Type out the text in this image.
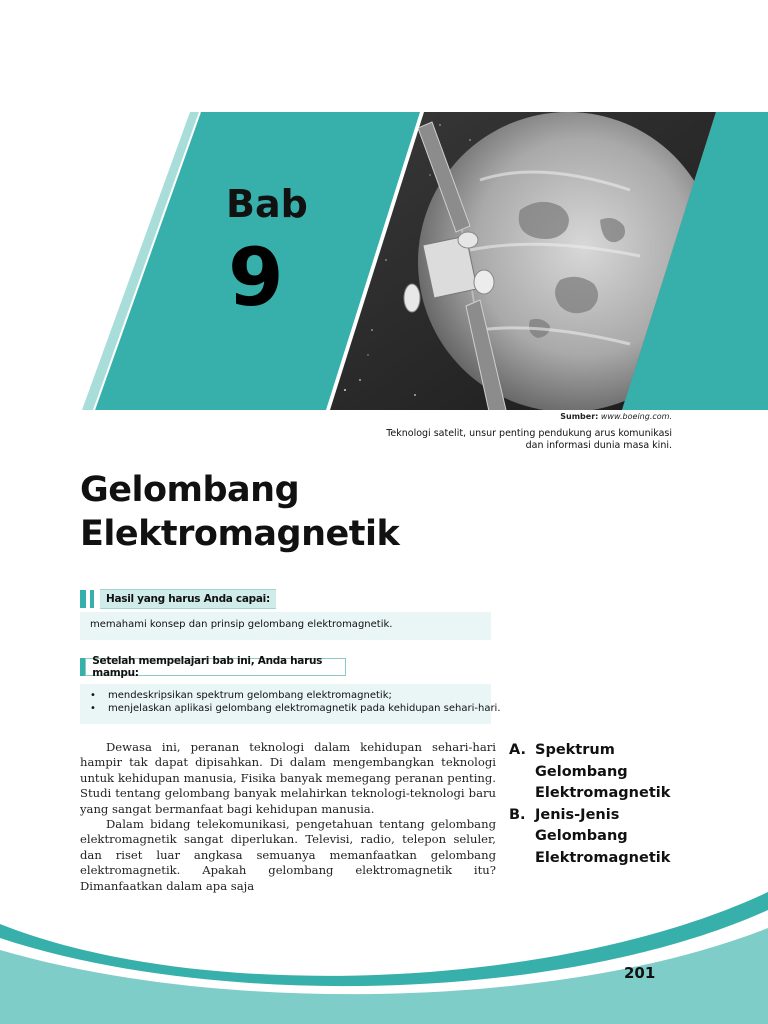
Bab
9
Sumber: www.boeing.com.
Teknologi satelit, unsur penting pendukung arus komunikasi dan informasi dunia masa kini.
Gelombang
Elektromagnetik
Hasil yang harus Anda capai:
memahami konsep dan prinsip gelombang elektromagnetik.
Setelah mempelajari bab ini, Anda harus mampu:
• mendeskripsikan spektrum gelombang elektromagnetik;
• menjelaskan aplikasi gelombang elektromagnetik pada kehidupan sehari-hari.

Dewasa ini, peranan teknologi dalam kehidupan sehari-hari hampir tak dapat dipisahkan. Di dalam mengembangkan teknologi untuk kehidupan manusia, Fisika banyak memegang peranan penting. Studi tentang gelombang banyak melahirkan teknologi-teknologi baru yang sangat bermanfaat bagi kehidupan manusia.

Dalam bidang telekomunikasi, pengetahuan tentang gelombang elektromagnetik sangat diperlukan. Televisi, radio, telepon seluler, dan riset luar angkasa semuanya memanfaatkan gelombang elektromagnetik. Apakah gelombang elektromagnetik itu? Dimanfaatkan dalam apa saja

A. Spektrum
Gelombang
Elektromagnetik
B. Jenis-Jenis
Gelombang
Elektromagnetik
201
